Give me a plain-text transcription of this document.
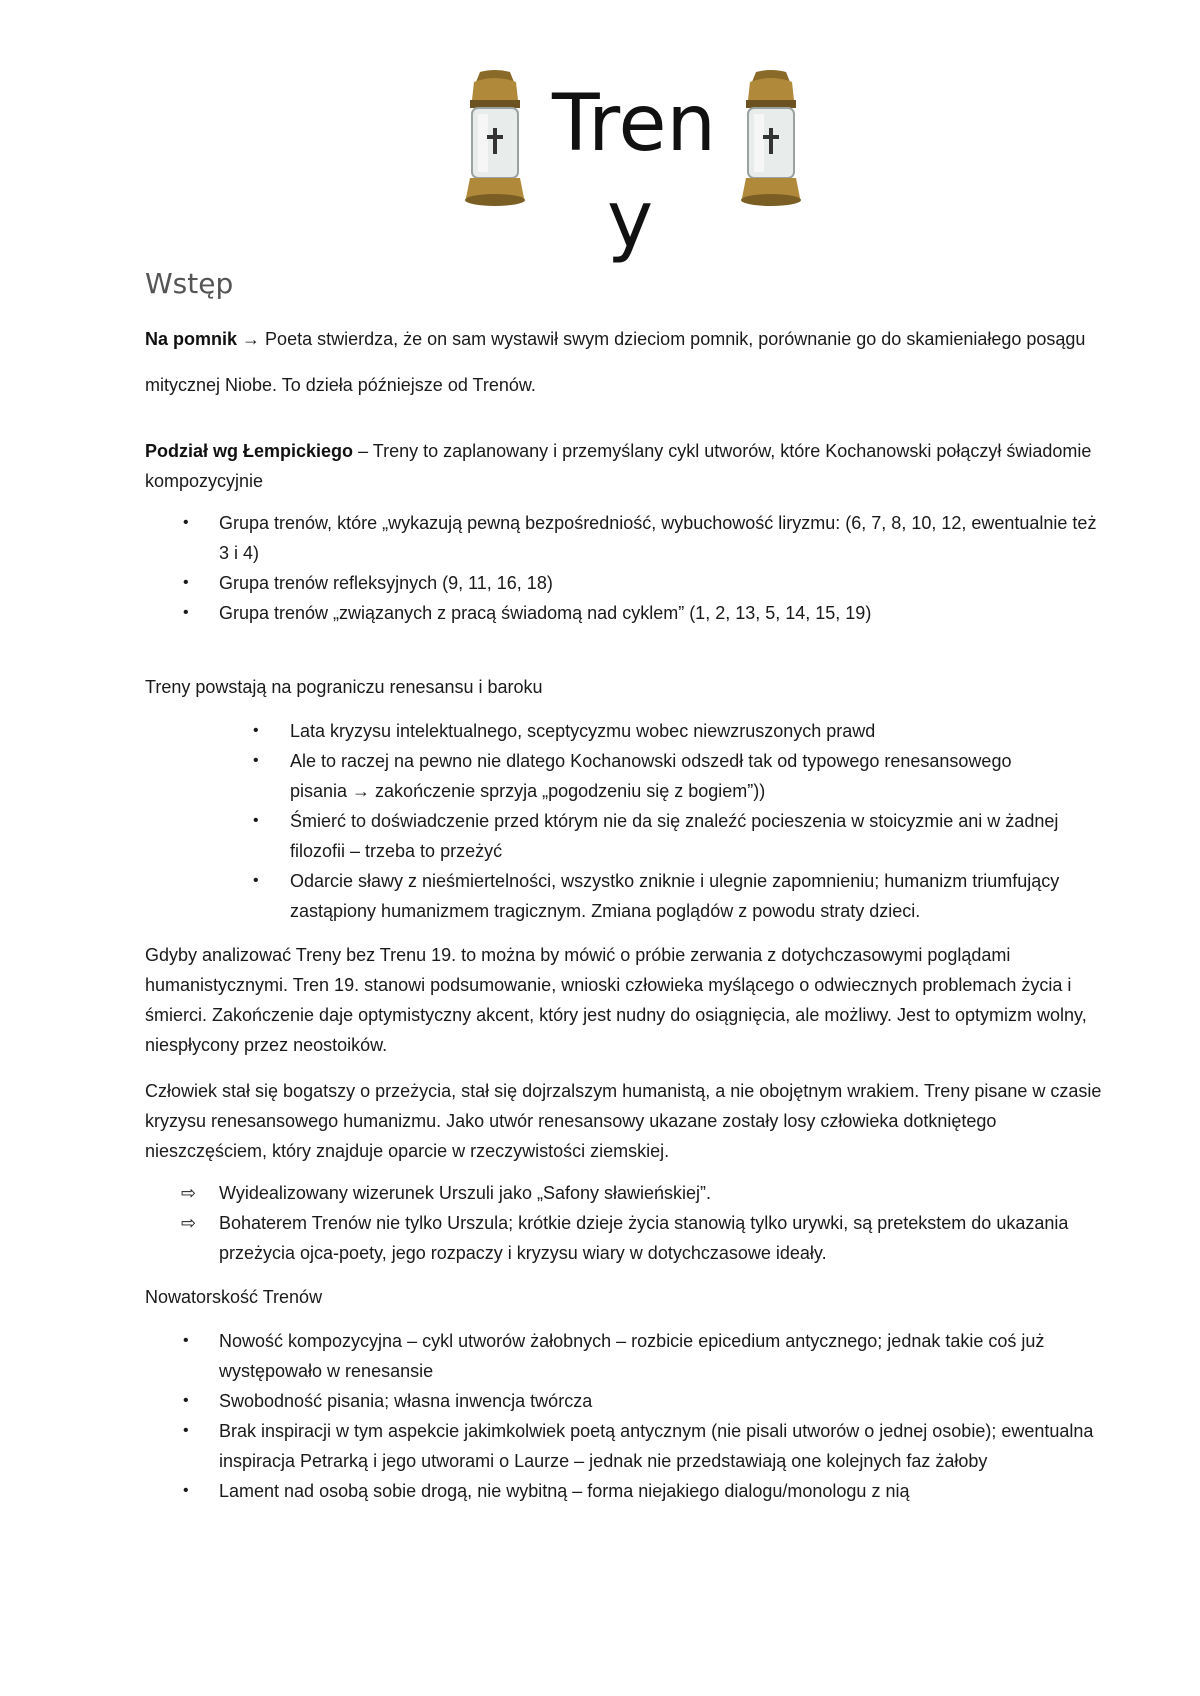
Tren
y
Wstęp

Na pomnik → Poeta stwierdza, że on sam wystawił swym dzieciom pomnik, porównanie go do skamieniałego posągu mitycznej Niobe. To dzieła późniejsze od Trenów.

Podział wg Łempickiego – Treny to zaplanowany i przemyślany cykl utworów, które Kochanowski połączył świadomie kompozycyjnie

• Grupa trenów, które „wykazują pewną bezpośredniość, wybuchowość liryzmu: (6, 7, 8, 10, 12, ewentualnie też 3 i 4)
• Grupa trenów refleksyjnych (9, 11, 16, 18)
• Grupa trenów „związanych z pracą świadomą nad cyklem” (1, 2, 13, 5, 14, 15, 19)

Treny powstają na pograniczu renesansu i baroku

• Lata kryzysu intelektualnego, sceptycyzmu wobec niewzruszonych prawd
• Ale to raczej na pewno nie dlatego Kochanowski odszedł tak od typowego renesansowego pisania → zakończenie sprzyja „pogodzeniu się z bogiem”))
• Śmierć to doświadczenie przed którym nie da się znaleźć pocieszenia w stoicyzmie ani w żadnej filozofii – trzeba to przeżyć
• Odarcie sławy z nieśmiertelności, wszystko zniknie i ulegnie zapomnieniu; humanizm triumfujący zastąpiony humanizmem tragicznym. Zmiana poglądów z powodu straty dzieci.

Gdyby analizować Treny bez Trenu 19. to można by mówić o próbie zerwania z dotychczasowymi poglądami humanistycznymi. Tren 19. stanowi podsumowanie, wnioski człowieka myślącego o odwiecznych problemach życia i śmierci. Zakończenie daje optymistyczny akcent, który jest nudny do osiągnięcia, ale możliwy. Jest to optymizm wolny, niespłycony przez neostoików.

Człowiek stał się bogatszy o przeżycia, stał się dojrzalszym humanistą, a nie obojętnym wrakiem. Treny pisane w czasie kryzysu renesansowego humanizmu. Jako utwór renesansowy ukazane zostały losy człowieka dotkniętego nieszczęściem, który znajduje oparcie w rzeczywistości ziemskiej.

⇨ Wyidealizowany wizerunek Urszuli jako „Safony sławieńskiej”.
⇨ Bohaterem Trenów nie tylko Urszula; krótkie dzieje życia stanowią tylko urywki, są pretekstem do ukazania przeżycia ojca-poety, jego rozpaczy i kryzysu wiary w dotychczasowe ideały.

Nowatorskość Trenów

• Nowość kompozycyjna – cykl utworów żałobnych – rozbicie epicedium antycznego; jednak takie coś już występowało w renesansie
• Swobodność pisania; własna inwencja twórcza
• Brak inspiracji w tym aspekcie jakimkolwiek poetą antycznym (nie pisali utworów o jednej osobie); ewentualna inspiracja Petrarką i jego utworami o Laurze – jednak nie przedstawiają one kolejnych faz żałoby
• Lament nad osobą sobie drogą, nie wybitną – forma niejakiego dialogu/monologu z nią
